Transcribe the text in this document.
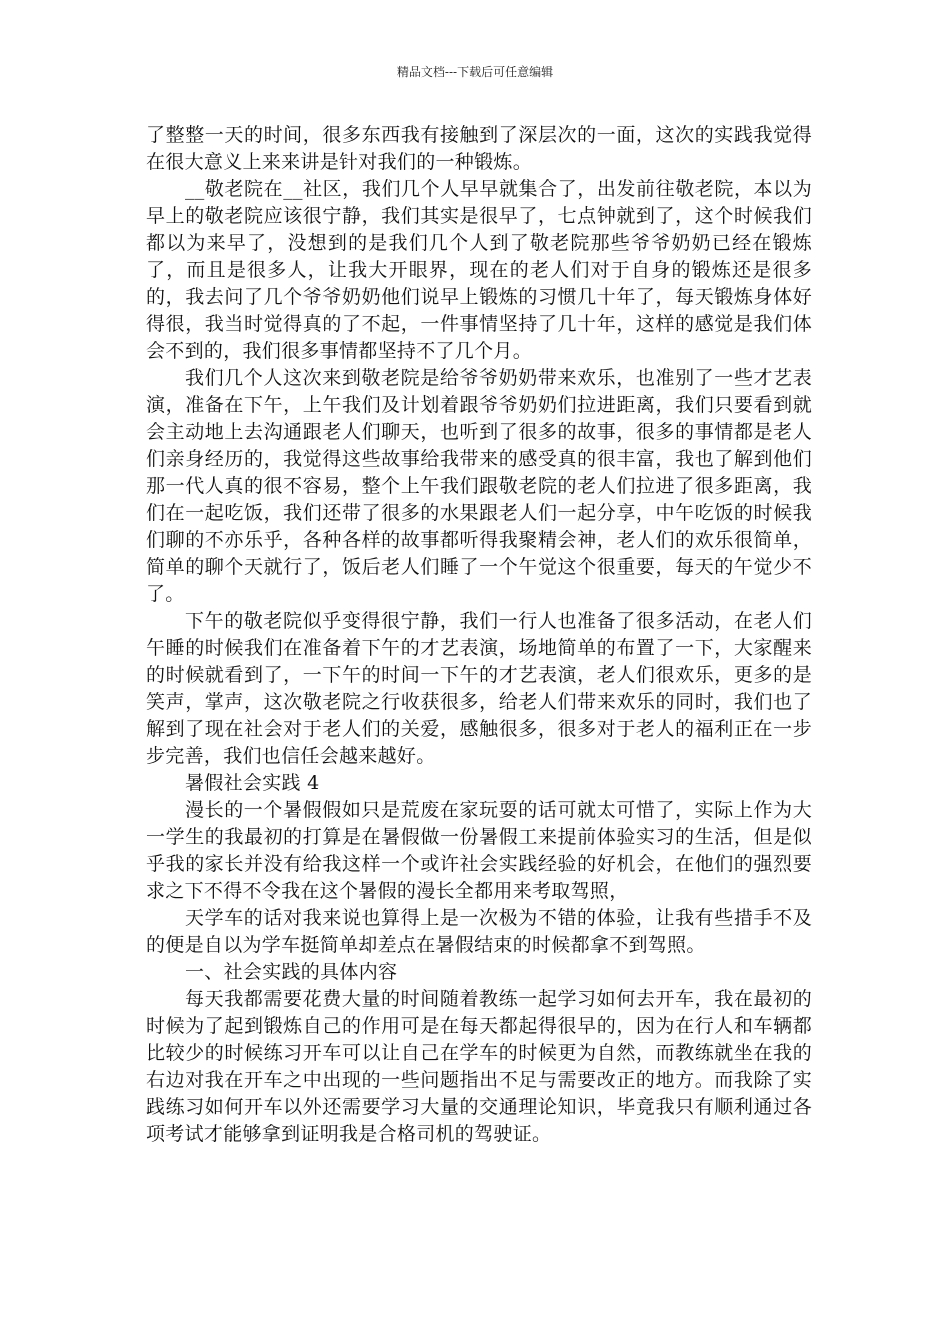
精品文档---下载后可任意编辑

了整整一天的时间，很多东西我有接触到了深层次的一面，这次的实践我觉得在很大意义上来来讲是针对我们的一种锻炼。

__敬老院在__社区，我们几个人早早就集合了，出发前往敬老院，本以为早上的敬老院应该很宁静，我们其实是很早了，七点钟就到了，这个时候我们都以为来早了，没想到的是我们几个人到了敬老院那些爷爷奶奶已经在锻炼了，而且是很多人，让我大开眼界，现在的老人们对于自身的锻炼还是很多的，我去问了几个爷爷奶奶他们说早上锻炼的习惯几十年了，每天锻炼身体好得很，我当时觉得真的了不起，一件事情坚持了几十年，这样的感觉是我们体会不到的，我们很多事情都坚持不了几个月。

我们几个人这次来到敬老院是给爷爷奶奶带来欢乐，也准别了一些才艺表演，准备在下午，上午我们及计划着跟爷爷奶奶们拉进距离，我们只要看到就会主动地上去沟通跟老人们聊天，也听到了很多的故事，很多的事情都是老人们亲身经历的，我觉得这些故事给我带来的感受真的很丰富，我也了解到他们那一代人真的很不容易，整个上午我们跟敬老院的老人们拉进了很多距离，我们在一起吃饭，我们还带了很多的水果跟老人们一起分享，中午吃饭的时候我们聊的不亦乐乎，各种各样的故事都听得我聚精会神，老人们的欢乐很简单，简单的聊个天就行了，饭后老人们睡了一个午觉这个很重要，每天的午觉少不了。

下午的敬老院似乎变得很宁静，我们一行人也准备了很多活动，在老人们午睡的时候我们在准备着下午的才艺表演，场地简单的布置了一下，大家醒来的时候就看到了，一下午的时间一下午的才艺表演，老人们很欢乐，更多的是笑声，掌声，这次敬老院之行收获很多，给老人们带来欢乐的同时，我们也了解到了现在社会对于老人们的关爱，感触很多，很多对于老人的福利正在一步步完善，我们也信任会越来越好。

暑假社会实践 4

漫长的一个暑假假如只是荒废在家玩耍的话可就太可惜了，实际上作为大一学生的我最初的打算是在暑假做一份暑假工来提前体验实习的生活，但是似乎我的家长并没有给我这样一个或许社会实践经验的好机会，在他们的强烈要求之下不得不令我在这个暑假的漫长全都用来考取驾照，

天学车的话对我来说也算得上是一次极为不错的体验，让我有些措手不及的便是自以为学车挺简单却差点在暑假结束的时候都拿不到驾照。

一、社会实践的具体内容

每天我都需要花费大量的时间随着教练一起学习如何去开车，我在最初的时候为了起到锻炼自己的作用可是在每天都起得很早的，因为在行人和车辆都比较少的时候练习开车可以让自己在学车的时候更为自然，而教练就坐在我的右边对我在开车之中出现的一些问题指出不足与需要改正的地方。而我除了实践练习如何开车以外还需要学习大量的交通理论知识，毕竟我只有顺利通过各项考试才能够拿到证明我是合格司机的驾驶证。
